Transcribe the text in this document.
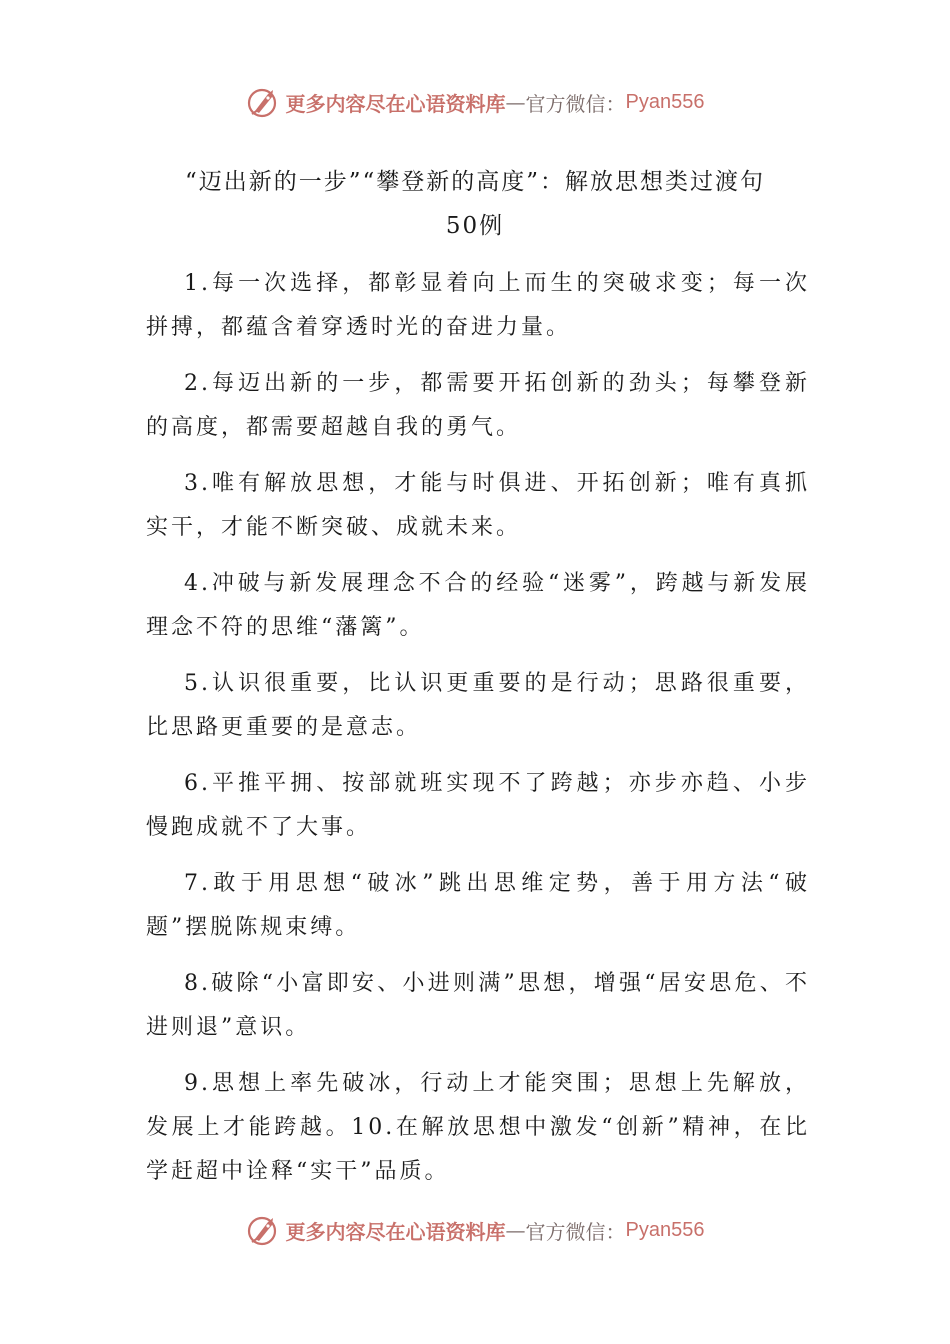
更多内容尽在心语资料库 — 官方微信： Pyan556
“迈出新的一步”“攀登新的高度”：解放思想类过渡句
50例

1.每一次选择，都彰显着向上而生的突破求变；每一次拼搏，都蕴含着穿透时光的奋进力量。

2.每迈出新的一步，都需要开拓创新的劲头；每攀登新的高度，都需要超越自我的勇气。

3.唯有解放思想，才能与时俱进、开拓创新；唯有真抓实干，才能不断突破、成就未来。

4.冲破与新发展理念不合的经验“迷雾”，跨越与新发展理念不符的思维“藩篱”。

5.认识很重要，比认识更重要的是行动；思路很重要，比思路更重要的是意志。

6.平推平拥、按部就班实现不了跨越；亦步亦趋、小步慢跑成就不了大事。

7.敢于用思想“破冰”跳出思维定势，善于用方法“破题”摆脱陈规束缚。

8.破除“小富即安、小进则满”思想，增强“居安思危、不进则退”意识。

9.思想上率先破冰，行动上才能突围；思想上先解放，发展上才能跨越。10.在解放思想中激发“创新”精神，在比学赶超中诠释“实干”品质。

更多内容尽在心语资料库 — 官方微信： Pyan556
